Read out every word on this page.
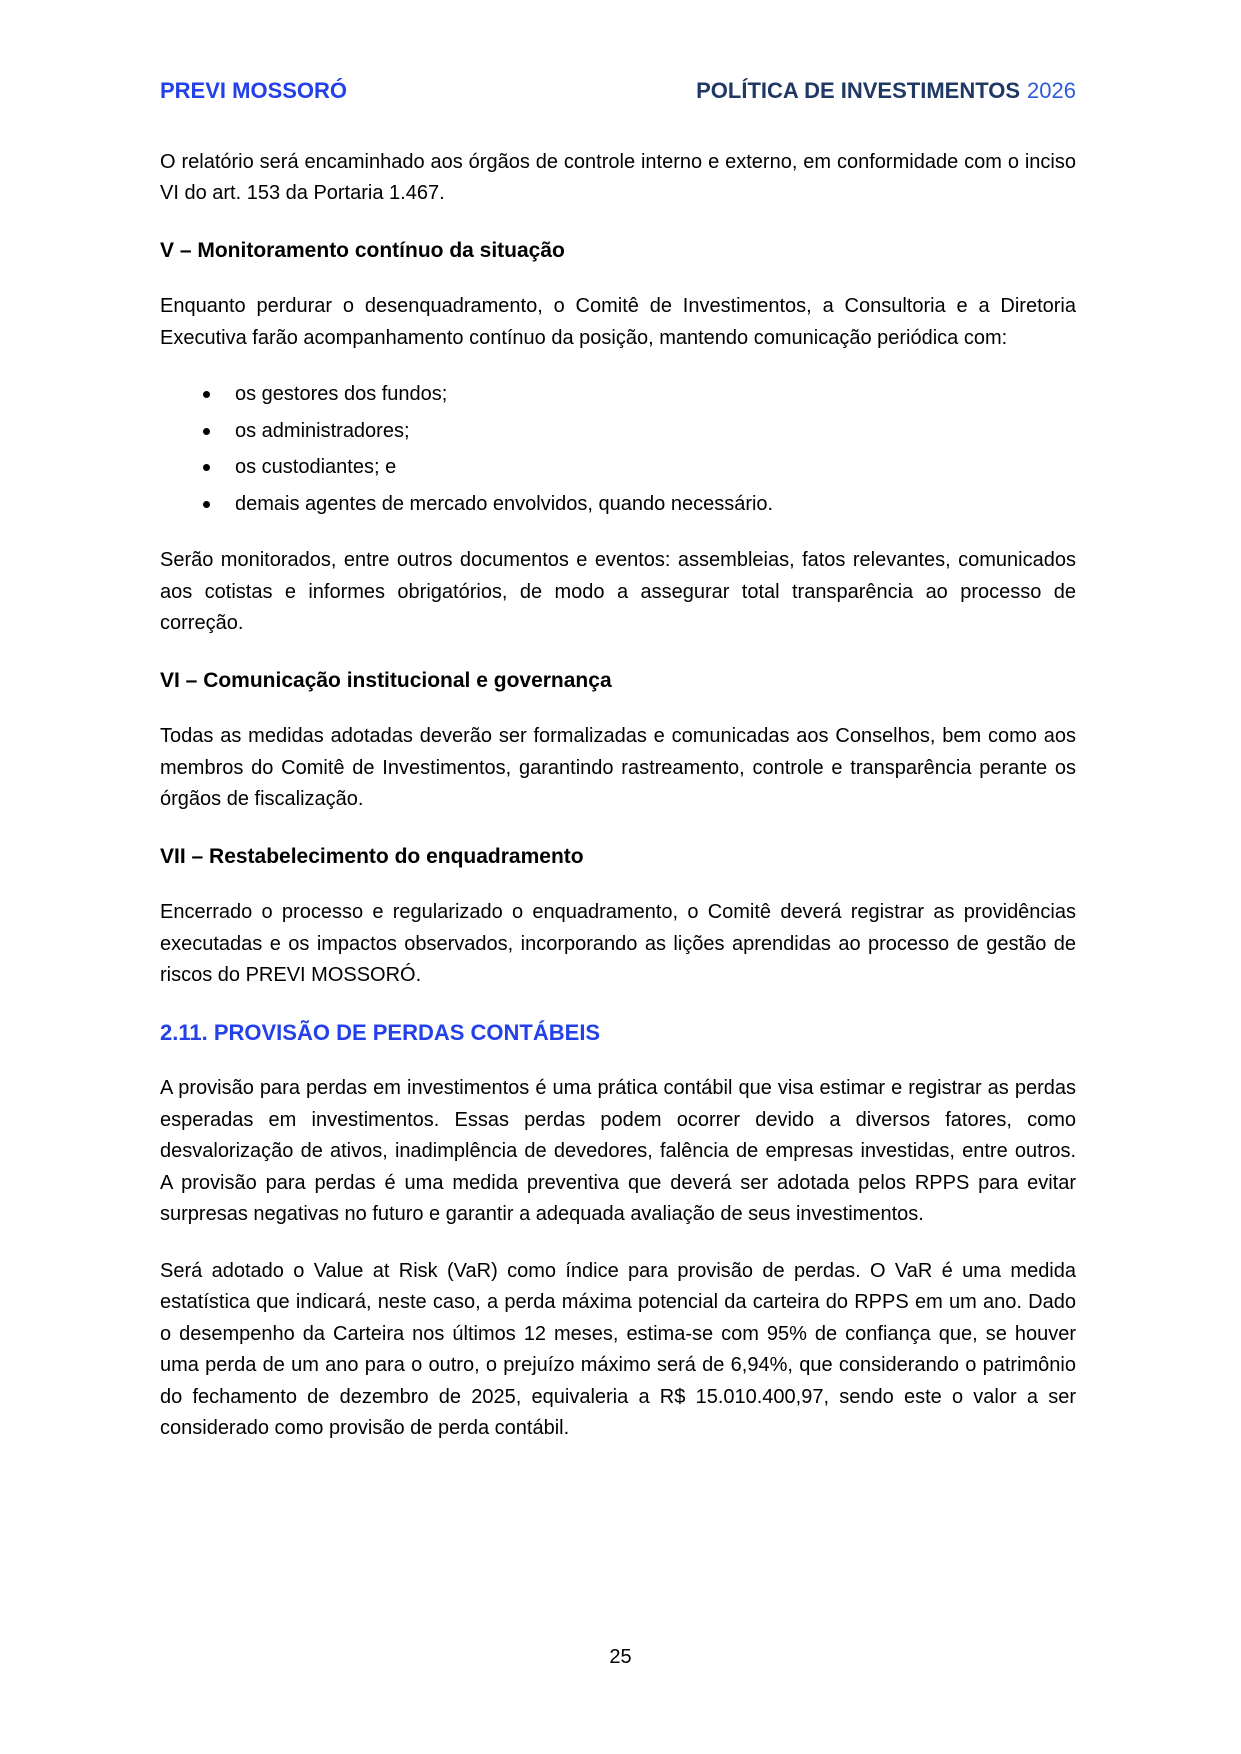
PREVI MOSSORÓ	POLÍTICA DE INVESTIMENTOS 2026

O relatório será encaminhado aos órgãos de controle interno e externo, em conformidade com o inciso VI do art. 153 da Portaria 1.467.

V – Monitoramento contínuo da situação

Enquanto perdurar o desenquadramento, o Comitê de Investimentos, a Consultoria e a Diretoria Executiva farão acompanhamento contínuo da posição, mantendo comunicação periódica com:

os gestores dos fundos;
os administradores;
os custodiantes; e
demais agentes de mercado envolvidos, quando necessário.

Serão monitorados, entre outros documentos e eventos: assembleias, fatos relevantes, comunicados aos cotistas e informes obrigatórios, de modo a assegurar total transparência ao processo de correção.

VI – Comunicação institucional e governança

Todas as medidas adotadas deverão ser formalizadas e comunicadas aos Conselhos, bem como aos membros do Comitê de Investimentos, garantindo rastreamento, controle e transparência perante os órgãos de fiscalização.

VII – Restabelecimento do enquadramento

Encerrado o processo e regularizado o enquadramento, o Comitê deverá registrar as providências executadas e os impactos observados, incorporando as lições aprendidas ao processo de gestão de riscos do PREVI MOSSORÓ.

2.11. PROVISÃO DE PERDAS CONTÁBEIS

A provisão para perdas em investimentos é uma prática contábil que visa estimar e registrar as perdas esperadas em investimentos. Essas perdas podem ocorrer devido a diversos fatores, como desvalorização de ativos, inadimplência de devedores, falência de empresas investidas, entre outros. A provisão para perdas é uma medida preventiva que deverá ser adotada pelos RPPS para evitar surpresas negativas no futuro e garantir a adequada avaliação de seus investimentos.

Será adotado o Value at Risk (VaR) como índice para provisão de perdas. O VaR é uma medida estatística que indicará, neste caso, a perda máxima potencial da carteira do RPPS em um ano. Dado o desempenho da Carteira nos últimos 12 meses, estima-se com 95% de confiança que, se houver uma perda de um ano para o outro, o prejuízo máximo será de 6,94%, que considerando o patrimônio do fechamento de dezembro de 2025, equivaleria a R$ 15.010.400,97, sendo este o valor a ser considerado como provisão de perda contábil.

25
